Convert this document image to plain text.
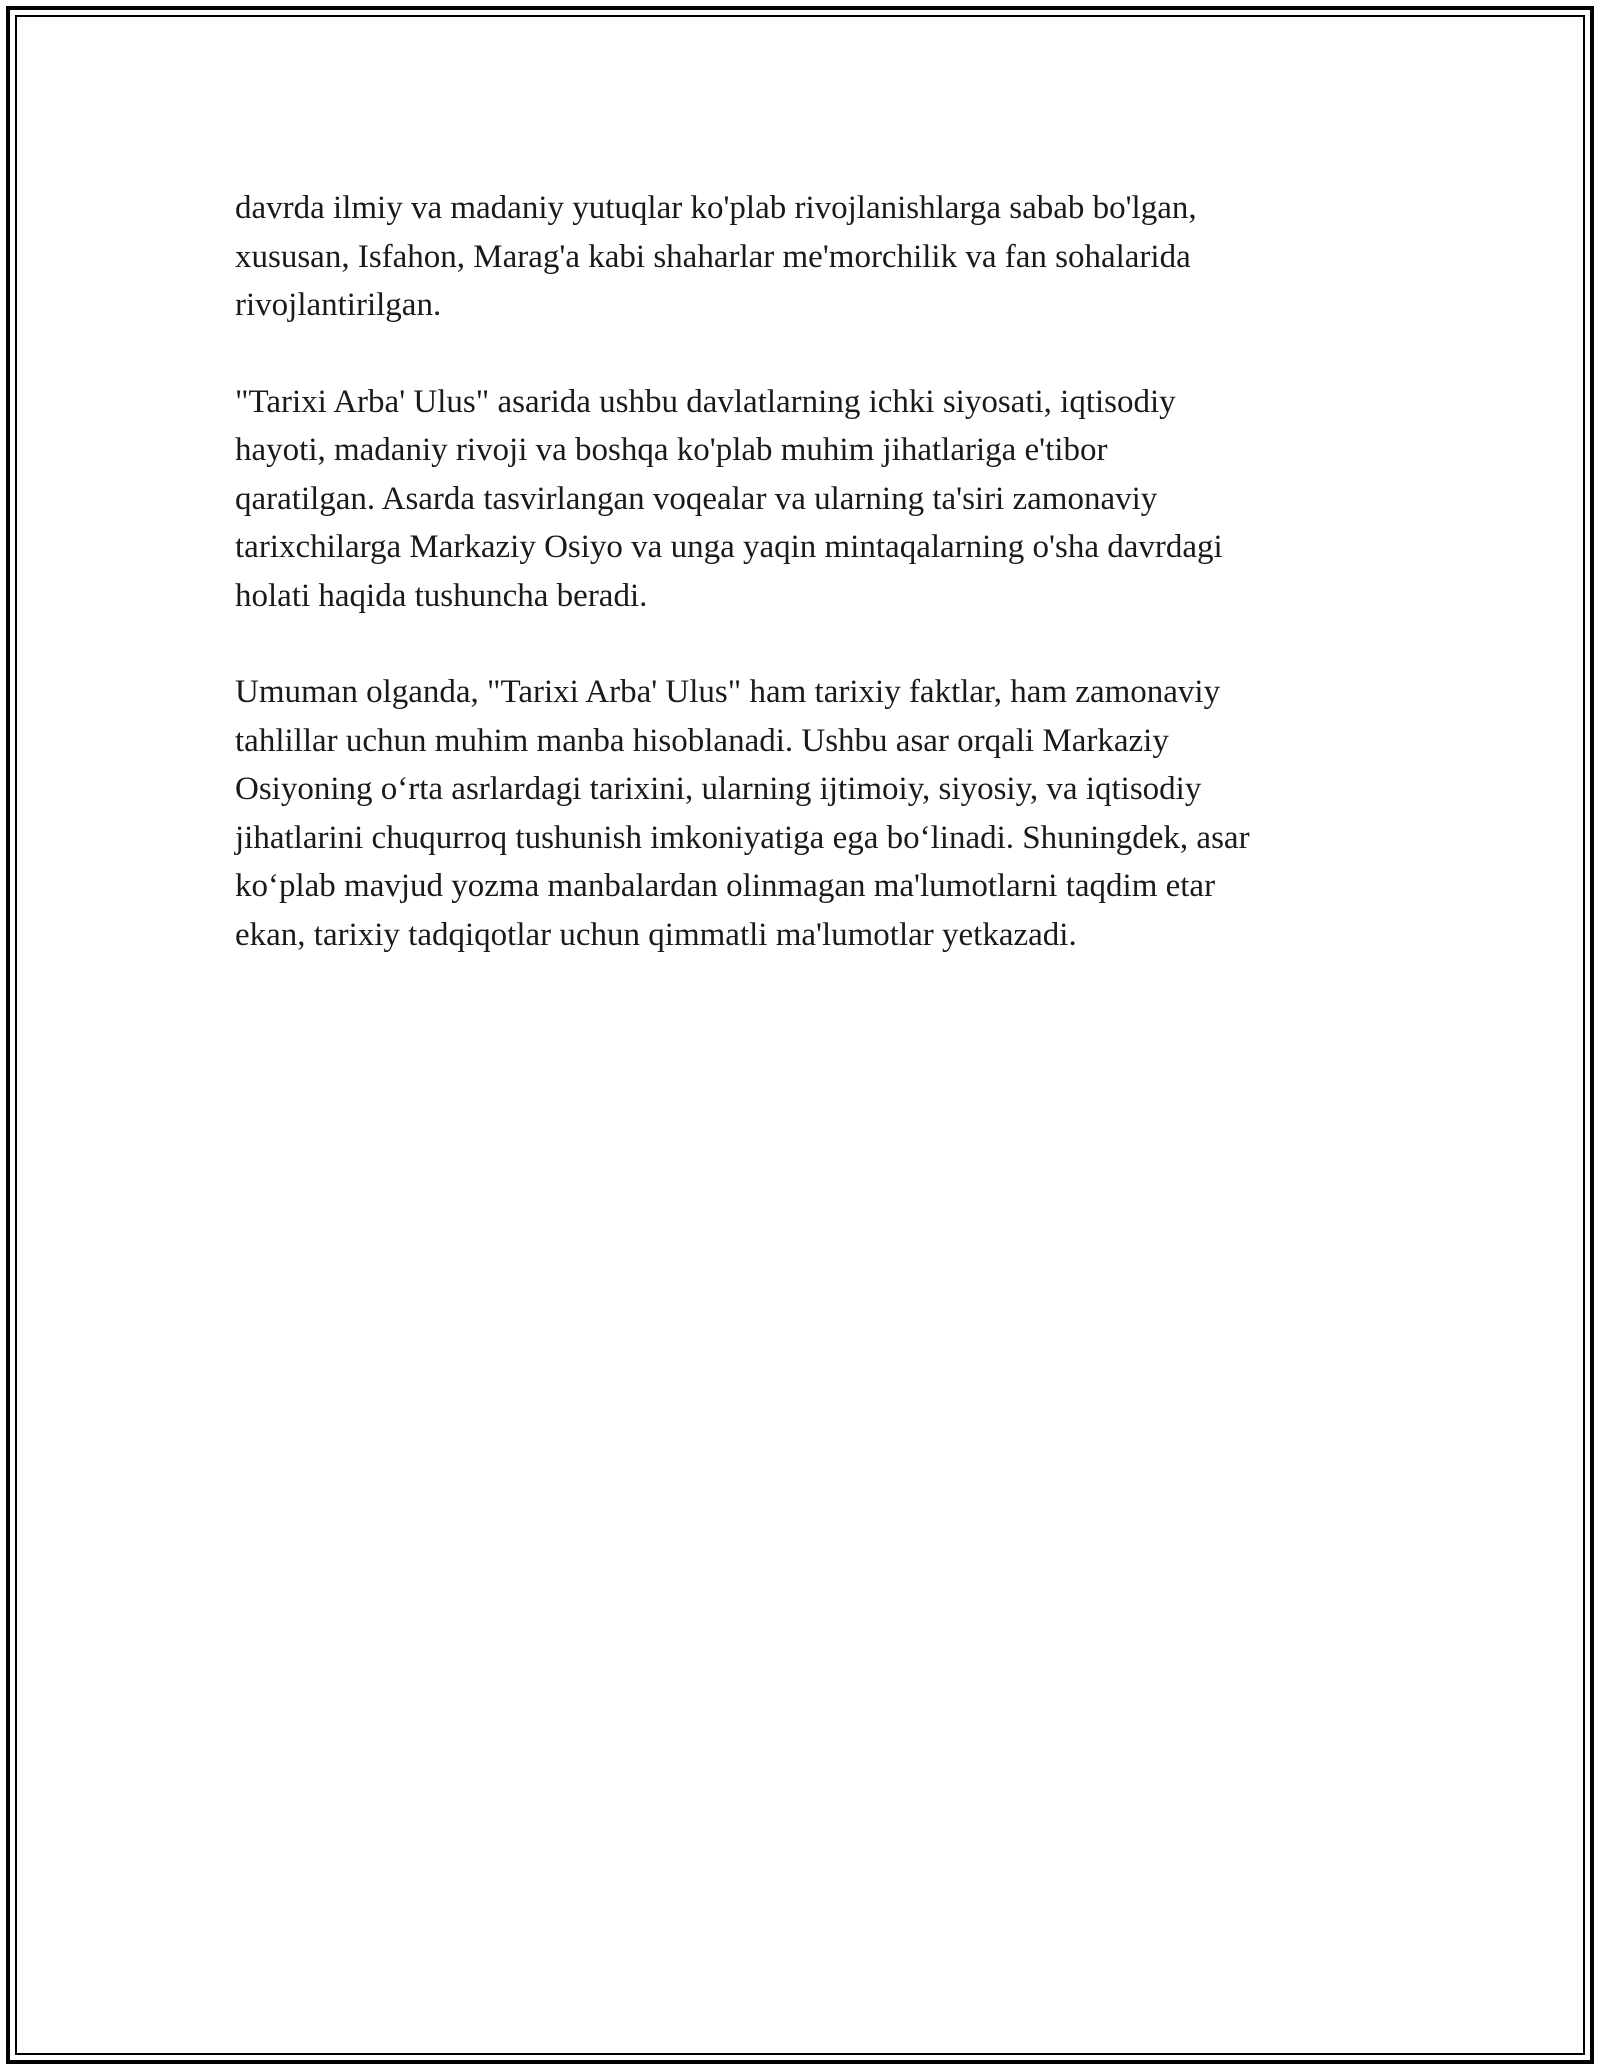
davrda ilmiy va madaniy yutuqlar ko'plab rivojlanishlarga sabab bo'lgan,
xususan, Isfahon, Marag'a kabi shaharlar me'morchilik va fan sohalarida
rivojlantirilgan.

"Tarixi Arba' Ulus" asarida ushbu davlatlarning ichki siyosati, iqtisodiy
hayoti, madaniy rivoji va boshqa ko'plab muhim jihatlariga e'tibor
qaratilgan. Asarda tasvirlangan voqealar va ularning ta'siri zamonaviy
tarixchilarga Markaziy Osiyo va unga yaqin mintaqalarning o'sha davrdagi
holati haqida tushuncha beradi.

Umuman olganda, "Tarixi Arba' Ulus" ham tarixiy faktlar, ham zamonaviy
tahlillar uchun muhim manba hisoblanadi. Ushbu asar orqali Markaziy
Osiyoning o‘rta asrlardagi tarixini, ularning ijtimoiy, siyosiy, va iqtisodiy
jihatlarini chuqurroq tushunish imkoniyatiga ega bo‘linadi. Shuningdek, asar
ko‘plab mavjud yozma manbalardan olinmagan ma'lumotlarni taqdim etar
ekan, tarixiy tadqiqotlar uchun qimmatli ma'lumotlar yetkazadi.
